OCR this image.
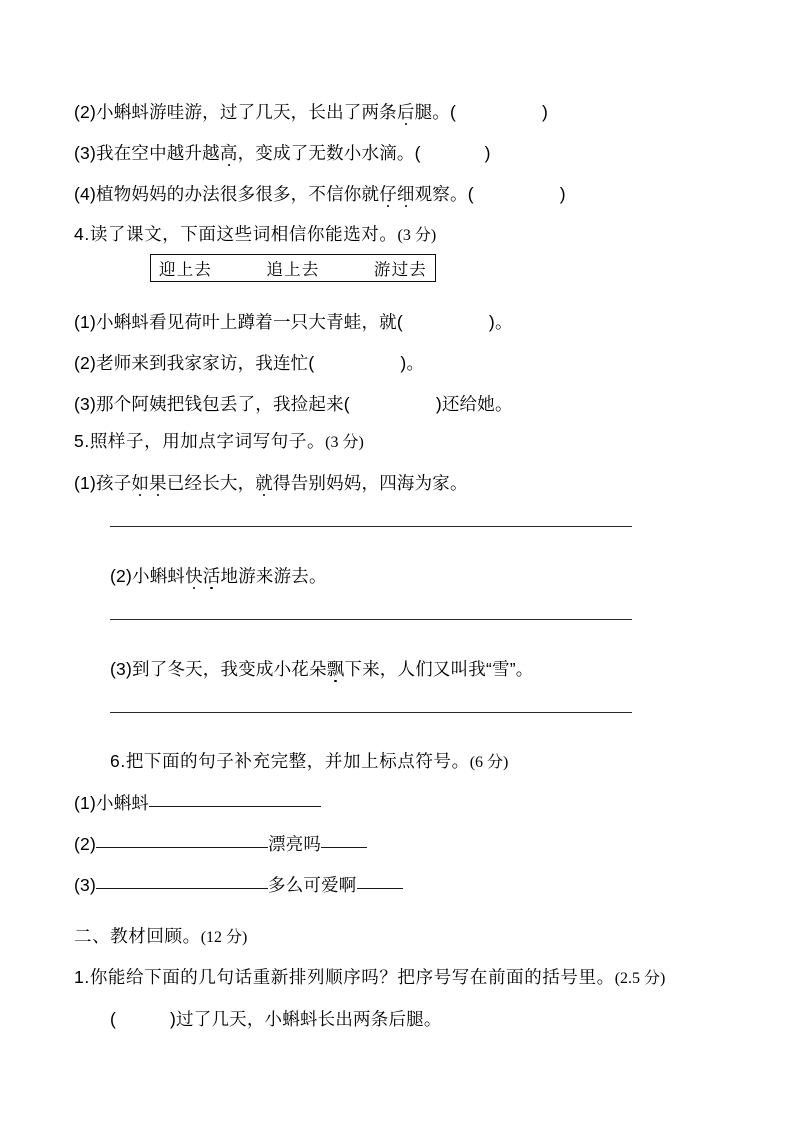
(2)小蝌蚪游哇游，过了几天，长出了两条后腿。(	)
(3)我在空中越升越高，变成了无数小水滴。(	)
(4)植物妈妈的办法很多很多，不信你就仔细观察。(	)
4.读了课文，下面这些词相信你能选对。(3 分)
迎上去	追上去	游过去
(1)小蝌蚪看见荷叶上蹲着一只大青蛙，就(	)。
(2)老师来到我家家访，我连忙(	)。
(3)那个阿姨把钱包丢了，我捡起来(	)还给她。
5.照样子，用加点字词写句子。(3 分)
(1)孩子如果已经长大，就得告别妈妈，四海为家。
(2)小蝌蚪快活地游来游去。
(3)到了冬天，我变成小花朵飘下来，人们又叫我“雪”。
6.把下面的句子补充完整，并加上标点符号。(6 分)
(1)小蝌蚪
(2)	漂亮吗
(3)	多么可爱啊
二、教材回顾。(12 分)
1.你能给下面的几句话重新排列顺序吗？把序号写在前面的括号里。(2.5 分)
(	)过了几天，小蝌蚪长出两条后腿。
